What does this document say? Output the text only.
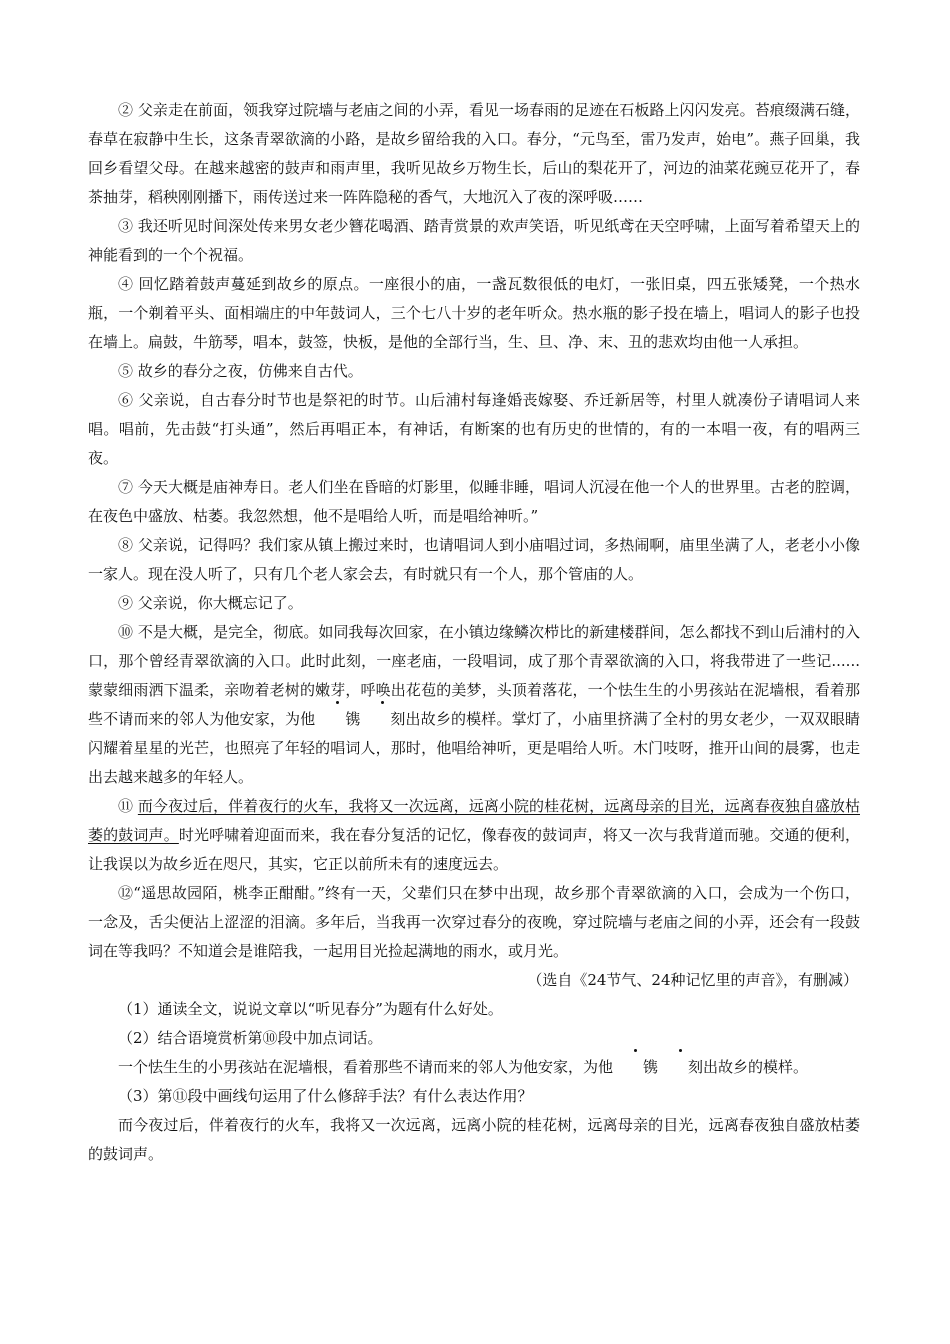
② 父亲走在前面，领我穿过院墙与老庙之间的小弄，看见一场春雨的足迹在石板路上闪闪发亮。苔痕缀满石缝，春草在寂静中生长，这条青翠欲滴的小路，是故乡留给我的入口。春分，“元鸟至，雷乃发声，始电”。燕子回巢，我回乡看望父母。在越来越密的鼓声和雨声里，我听见故乡万物生长，后山的梨花开了，河边的油菜花豌豆花开了，春茶抽芽，稻秧刚刚播下，雨传送过来一阵阵隐秘的香气，大地沉入了夜的深呼吸……

③ 我还听见时间深处传来男女老少簪花喝酒、踏青赏景的欢声笑语，听见纸鸢在天空呼啸，上面写着希望天上的神能看到的一个个祝福。

④ 回忆踏着鼓声蔓延到故乡的原点。一座很小的庙，一盏瓦数很低的电灯，一张旧桌，四五张矮凳，一个热水瓶，一个剃着平头、面相端庄的中年鼓词人，三个七八十岁的老年听众。热水瓶的影子投在墙上，唱词人的影子也投在墙上。扁鼓，牛筋琴，唱本，鼓签，快板，是他的全部行当，生、旦、净、末、丑的悲欢均由他一人承担。

⑤ 故乡的春分之夜，仿佛来自古代。

⑥ 父亲说，自古春分时节也是祭祀的时节。山后浦村每逢婚丧嫁娶、乔迁新居等，村里人就凑份子请唱词人来唱。唱前，先击鼓“打头通”，然后再唱正本，有神话，有断案的也有历史的世情的，有的一本唱一夜，有的唱两三夜。

⑦ 今天大概是庙神寿日。老人们坐在昏暗的灯影里，似睡非睡，唱词人沉浸在他一个人的世界里。古老的腔调，在夜色中盛放、枯萎。我忽然想，他不是唱给人听，而是唱给神听。”

⑧ 父亲说，记得吗？我们家从镇上搬过来时，也请唱词人到小庙唱过词，多热闹啊，庙里坐满了人，老老小小像一家人。现在没人听了，只有几个老人家会去，有时就只有一个人，那个管庙的人。

⑨ 父亲说，你大概忘记了。

⑩ 不是大概，是完全，彻底。如同我每次回家，在小镇边缘鳞次栉比的新建楼群间，怎么都找不到山后浦村的入口，那个曾经青翠欲滴的入口。此时此刻，一座老庙，一段唱词，成了那个青翠欲滴的入口，将我带进了一些记......蒙蒙细雨洒下温柔，亲吻着老树的嫩芽，呼唤出花苞的美梦，头顶着落花，一个怯生生的小男孩站在泥墙根，看着那些不请而来的邻人为他安家，为他 镌 刻出故乡的模样。掌灯了，小庙里挤满了全村的男女老少，一双双眼睛闪耀着星星的光芒，也照亮了年轻的唱词人，那时，他唱给神听，更是唱给人听。木门吱呀，推开山间的晨雾，也走出去越来越多的年轻人。

⑪ 而今夜过后，伴着夜行的火车，我将又一次远离，远离小院的桂花树，远离母亲的目光，远离春夜独自盛放枯萎的鼓词声。时光呼啸着迎面而来，我在春分复活的记忆，像春夜的鼓词声，将又一次与我背道而驰。交通的便利，让我误以为故乡近在咫尺，其实，它正以前所未有的速度远去。

⑫“遥思故园陌，桃李正酣酣。”终有一天，父辈们只在梦中出现，故乡那个青翠欲滴的入口，会成为一个伤口，一念及，舌尖便沾上涩涩的泪滴。多年后，当我再一次穿过春分的夜晚，穿过院墙与老庙之间的小弄，还会有一段鼓词在等我吗？不知道会是谁陪我，一起用目光捡起满地的雨水，或月光。

（选自《24节气、24种记忆里的声音》，有删减）

（1）通读全文，说说文章以“听见春分”为题有什么好处。

（2）结合语境赏析第⑩段中加点词话。

一个怯生生的小男孩站在泥墙根，看着那些不请而来的邻人为他安家，为他 镌 刻出故乡的模样。

（3）第⑪段中画线句运用了什么修辞手法？有什么表达作用？

而今夜过后，伴着夜行的火车，我将又一次远离，远离小院的桂花树，远离母亲的目光，远离春夜独自盛放枯萎的鼓词声。
